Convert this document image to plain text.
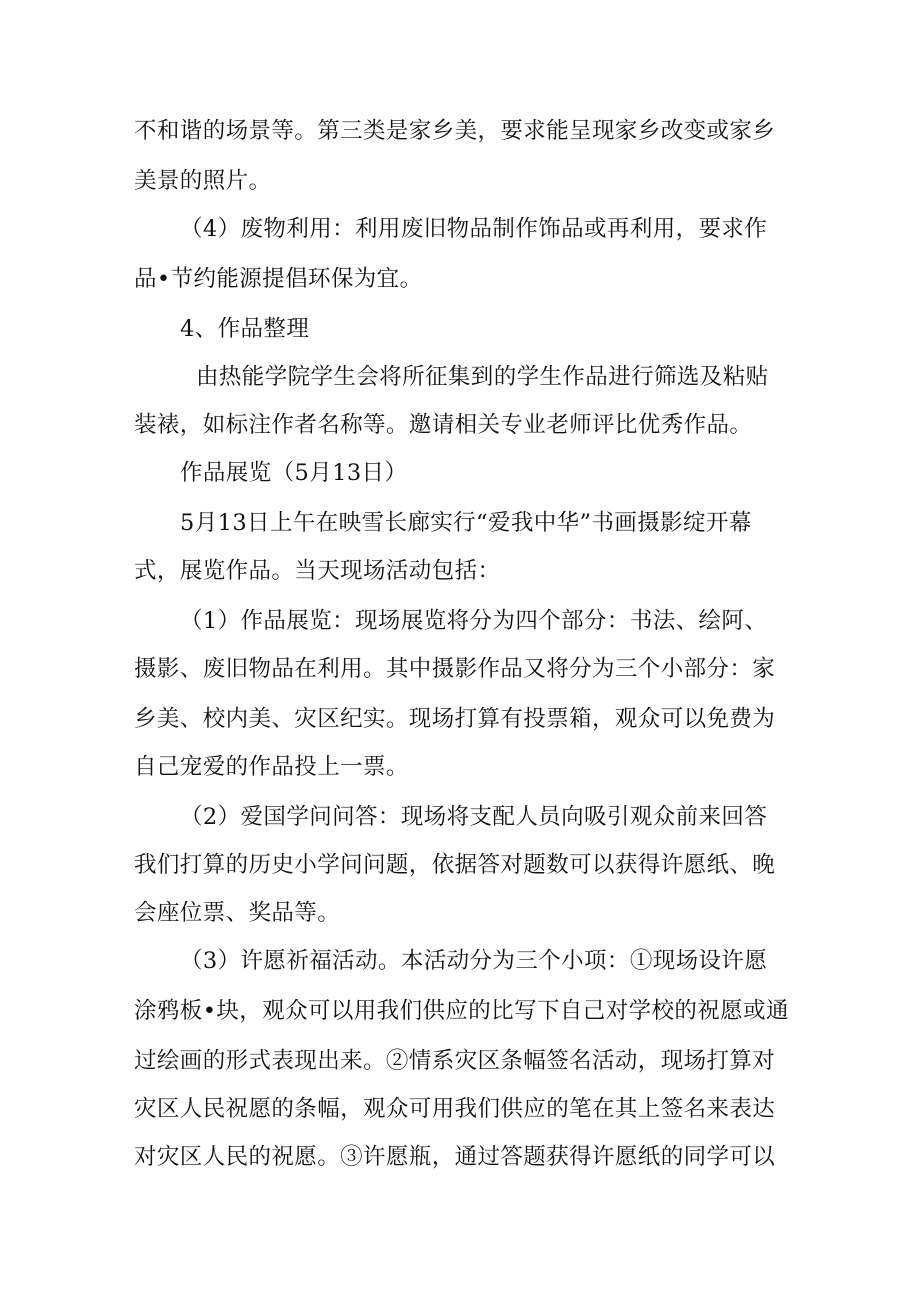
不和谐的场景等。第三类是家乡美，要求能呈现家乡改变或家乡
美景的照片。
（4）废物利用：利用废旧物品制作饰品或再利用，要求作
品•节约能源提倡环保为宜。
4、作品整理
由热能学院学生会将所征集到的学生作品进行筛选及粘贴
装裱，如标注作者名称等。邀请相关专业老师评比优秀作品。
作品展览（5月13日）
5月13日上午在映雪长廊实行“爱我中华”书画摄影绽开幕
式，展览作品。当天现场活动包括：
（1）作品展览：现场展览将分为四个部分：书法、绘阿、
摄影、废旧物品在利用。其中摄影作品又将分为三个小部分：家
乡美、校内美、灾区纪实。现场打算有投票箱，观众可以免费为
自己宠爱的作品投上一票。
（2）爱国学问问答：现场将支配人员向吸引观众前来回答
我们打算的历史小学问问题，依据答对题数可以获得许愿纸、晚
会座位票、奖品等。
（3）许愿祈福活动。本活动分为三个小项：①现场设许愿
涂鸦板•块，观众可以用我们供应的比写下自己对学校的祝愿或通
过绘画的形式表现出来。②情系灾区条幅签名活动，现场打算对
灾区人民祝愿的条幅，观众可用我们供应的笔在其上签名来表达
对灾区人民的祝愿。③许愿瓶，通过答题获得许愿纸的同学可以
